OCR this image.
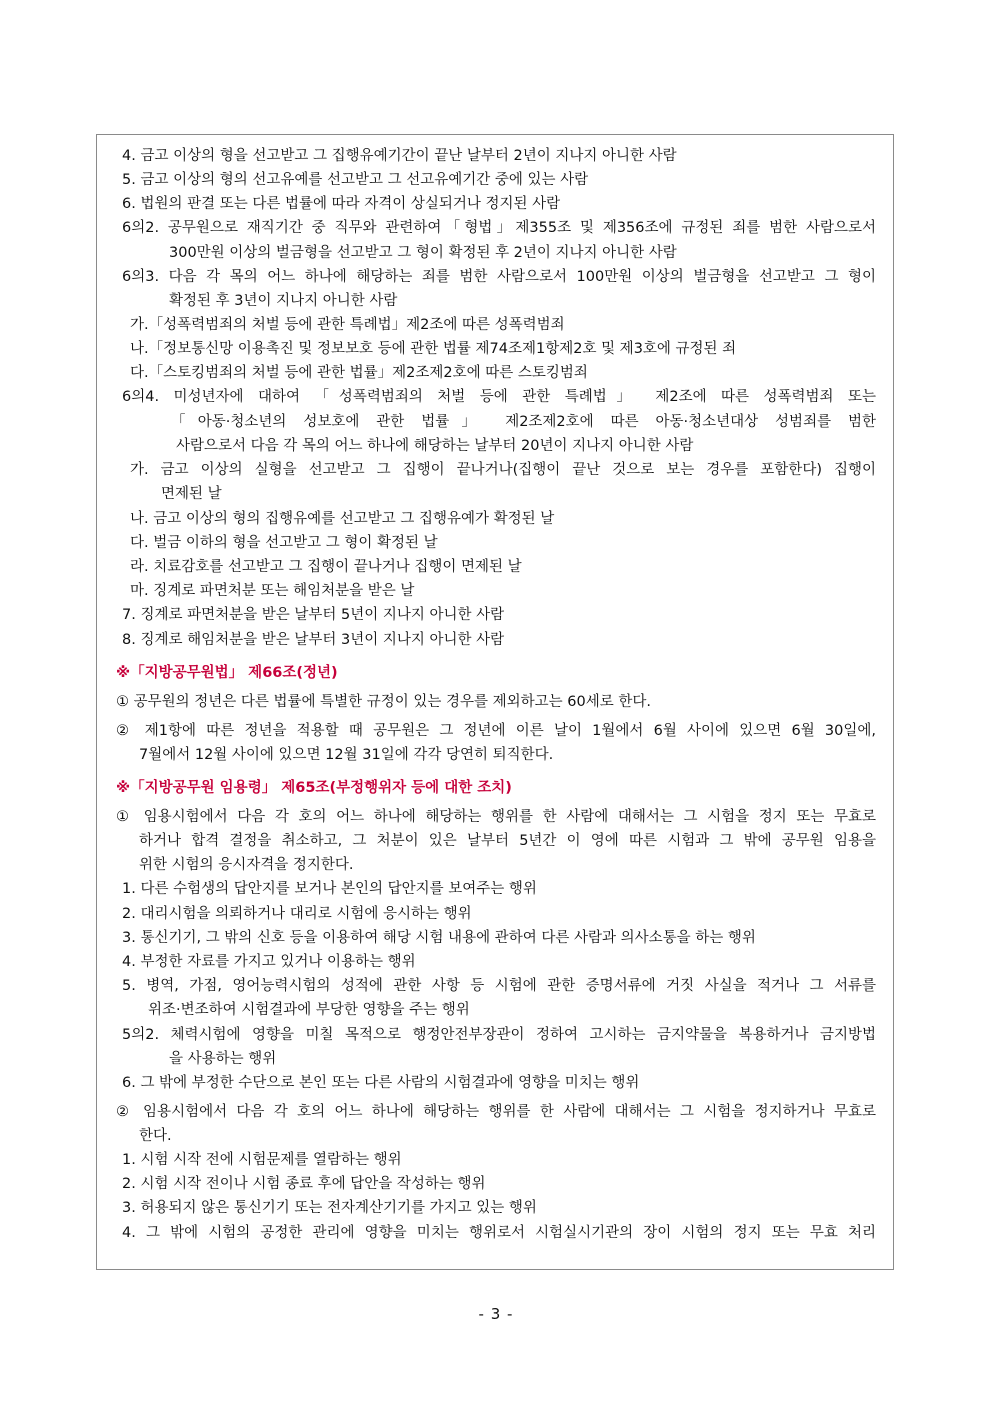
4. 금고 이상의 형을 선고받고 그 집행유예기간이 끝난 날부터 2년이 지나지 아니한 사람
5. 금고 이상의 형의 선고유예를 선고받고 그 선고유예기간 중에 있는 사람
6. 법원의 판결 또는 다른 법률에 따라 자격이 상실되거나 정지된 사람
6의2. 공무원으로 재직기간 중 직무와 관련하여「형법」제355조 및 제356조에 규정된 죄를 범한 사람으로서
300만원 이상의 벌금형을 선고받고 그 형이 확정된 후 2년이 지나지 아니한 사람
6의3. 다음 각 목의 어느 하나에 해당하는 죄를 범한 사람으로서 100만원 이상의 벌금형을 선고받고 그 형이
확정된 후 3년이 지나지 아니한 사람
가.「성폭력범죄의 처벌 등에 관한 특례법」제2조에 따른 성폭력범죄
나.「정보통신망 이용촉진 및 정보보호 등에 관한 법률 제74조제1항제2호 및 제3호에 규정된 죄
다.「스토킹범죄의 처벌 등에 관한 법률」제2조제2호에 따른 스토킹범죄
6의4. 미성년자에 대하여 「성폭력범죄의 처벌 등에 관한 특례법」 제2조에 따른 성폭력범죄 또는
「아동·청소년의 성보호에 관한 법률」 제2조제2호에 따른 아동·청소년대상 성범죄를 범한
사람으로서 다음 각 목의 어느 하나에 해당하는 날부터 20년이 지나지 아니한 사람
가. 금고 이상의 실형을 선고받고 그 집행이 끝나거나(집행이 끝난 것으로 보는 경우를 포함한다) 집행이
면제된 날
나. 금고 이상의 형의 집행유예를 선고받고 그 집행유예가 확정된 날
다. 벌금 이하의 형을 선고받고 그 형이 확정된 날
라. 치료감호를 선고받고 그 집행이 끝나거나 집행이 면제된 날
마. 징계로 파면처분 또는 해임처분을 받은 날
7. 징계로 파면처분을 받은 날부터 5년이 지나지 아니한 사람
8. 징계로 해임처분을 받은 날부터 3년이 지나지 아니한 사람
※「지방공무원법」 제66조(정년)
① 공무원의 정년은 다른 법률에 특별한 규정이 있는 경우를 제외하고는 60세로 한다.
② 제1항에 따른 정년을 적용할 때 공무원은 그 정년에 이른 날이 1월에서 6월 사이에 있으면 6월 30일에,
7월에서 12월 사이에 있으면 12월 31일에 각각 당연히 퇴직한다.
※「지방공무원 임용령」 제65조(부정행위자 등에 대한 조치)
① 임용시험에서 다음 각 호의 어느 하나에 해당하는 행위를 한 사람에 대해서는 그 시험을 정지 또는 무효로
하거나 합격 결정을 취소하고, 그 처분이 있은 날부터 5년간 이 영에 따른 시험과 그 밖에 공무원 임용을
위한 시험의 응시자격을 정지한다.
1. 다른 수험생의 답안지를 보거나 본인의 답안지를 보여주는 행위
2. 대리시험을 의뢰하거나 대리로 시험에 응시하는 행위
3. 통신기기, 그 밖의 신호 등을 이용하여 해당 시험 내용에 관하여 다른 사람과 의사소통을 하는 행위
4. 부정한 자료를 가지고 있거나 이용하는 행위
5. 병역, 가점, 영어능력시험의 성적에 관한 사항 등 시험에 관한 증명서류에 거짓 사실을 적거나 그 서류를
위조·변조하여 시험결과에 부당한 영향을 주는 행위
5의2. 체력시험에 영향을 미칠 목적으로 행정안전부장관이 정하여 고시하는 금지약물을 복용하거나 금지방법
을 사용하는 행위
6. 그 밖에 부정한 수단으로 본인 또는 다른 사람의 시험결과에 영향을 미치는 행위
② 임용시험에서 다음 각 호의 어느 하나에 해당하는 행위를 한 사람에 대해서는 그 시험을 정지하거나 무효로
한다.
1. 시험 시작 전에 시험문제를 열람하는 행위
2. 시험 시작 전이나 시험 종료 후에 답안을 작성하는 행위
3. 허용되지 않은 통신기기 또는 전자계산기기를 가지고 있는 행위
4. 그 밖에 시험의 공정한 관리에 영향을 미치는 행위로서 시험실시기관의 장이 시험의 정지 또는 무효 처리
- 3 -
